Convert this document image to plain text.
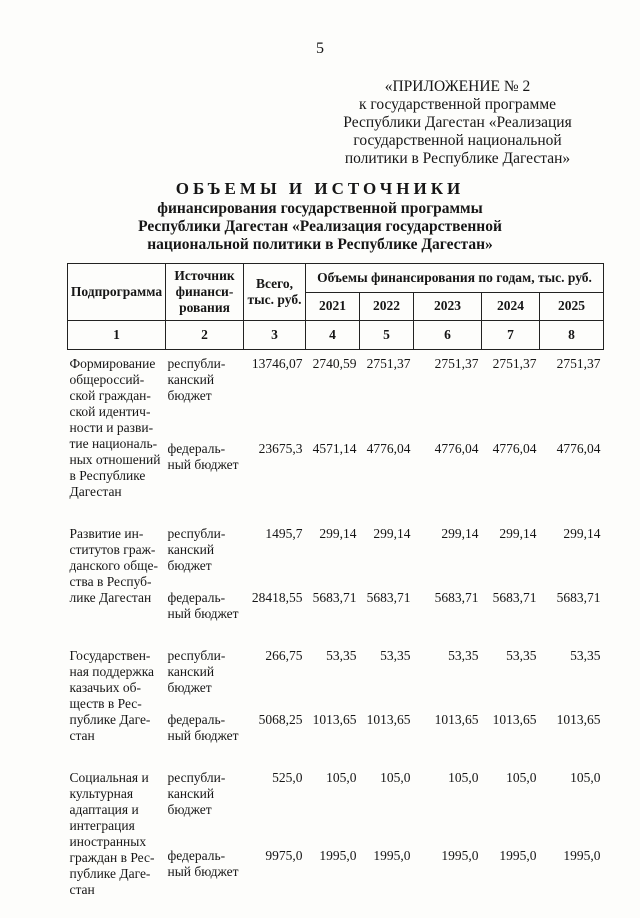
5
«ПРИЛОЖЕНИЕ № 2
к государственной программе
Республики Дагестан «Реализация
государственной национальной
политики в Республике Дагестан»
ОБЪЕМЫ И ИСТОЧНИКИ
финансирования государственной программы
Республики Дагестан «Реализация государственной
национальной политики в Республике Дагестан»
Подпрограмма	Источник финанси-рования	Всего, тыс. руб.	Объемы финансирования по годам, тыс. руб.				
			2021	2022	2023	2024	2025
1	2	3	4	5	6	7	8
Формирование общероссий-ской граждан-ской идентич-ности и разви-тие националь-ных отношений в Республике Дагестан	республи-канский бюджет	13746,07	2740,59	2751,37	2751,37	2751,37	2751,37
	федераль-ный бюджет	23675,3	4571,14	4776,04	4776,04	4776,04	4776,04
Развитие ин-ститутов граж-данского обще-ства в Респуб-лике Дагестан	республи-канский бюджет	1495,7	299,14	299,14	299,14	299,14	299,14
	федераль-ный бюджет	28418,55	5683,71	5683,71	5683,71	5683,71	5683,71
Государствен-ная поддержка казачьих об-ществ в Рес-публике Даге-стан	республи-канский бюджет	266,75	53,35	53,35	53,35	53,35	53,35
	федераль-ный бюджет	5068,25	1013,65	1013,65	1013,65	1013,65	1013,65
Социальная и культурная адаптация и интеграция иностранных граждан в Рес-публике Даге-стан	республи-канский бюджет	525,0	105,0	105,0	105,0	105,0	105,0
	федераль-ный бюджет	9975,0	1995,0	1995,0	1995,0	1995,0	1995,0
